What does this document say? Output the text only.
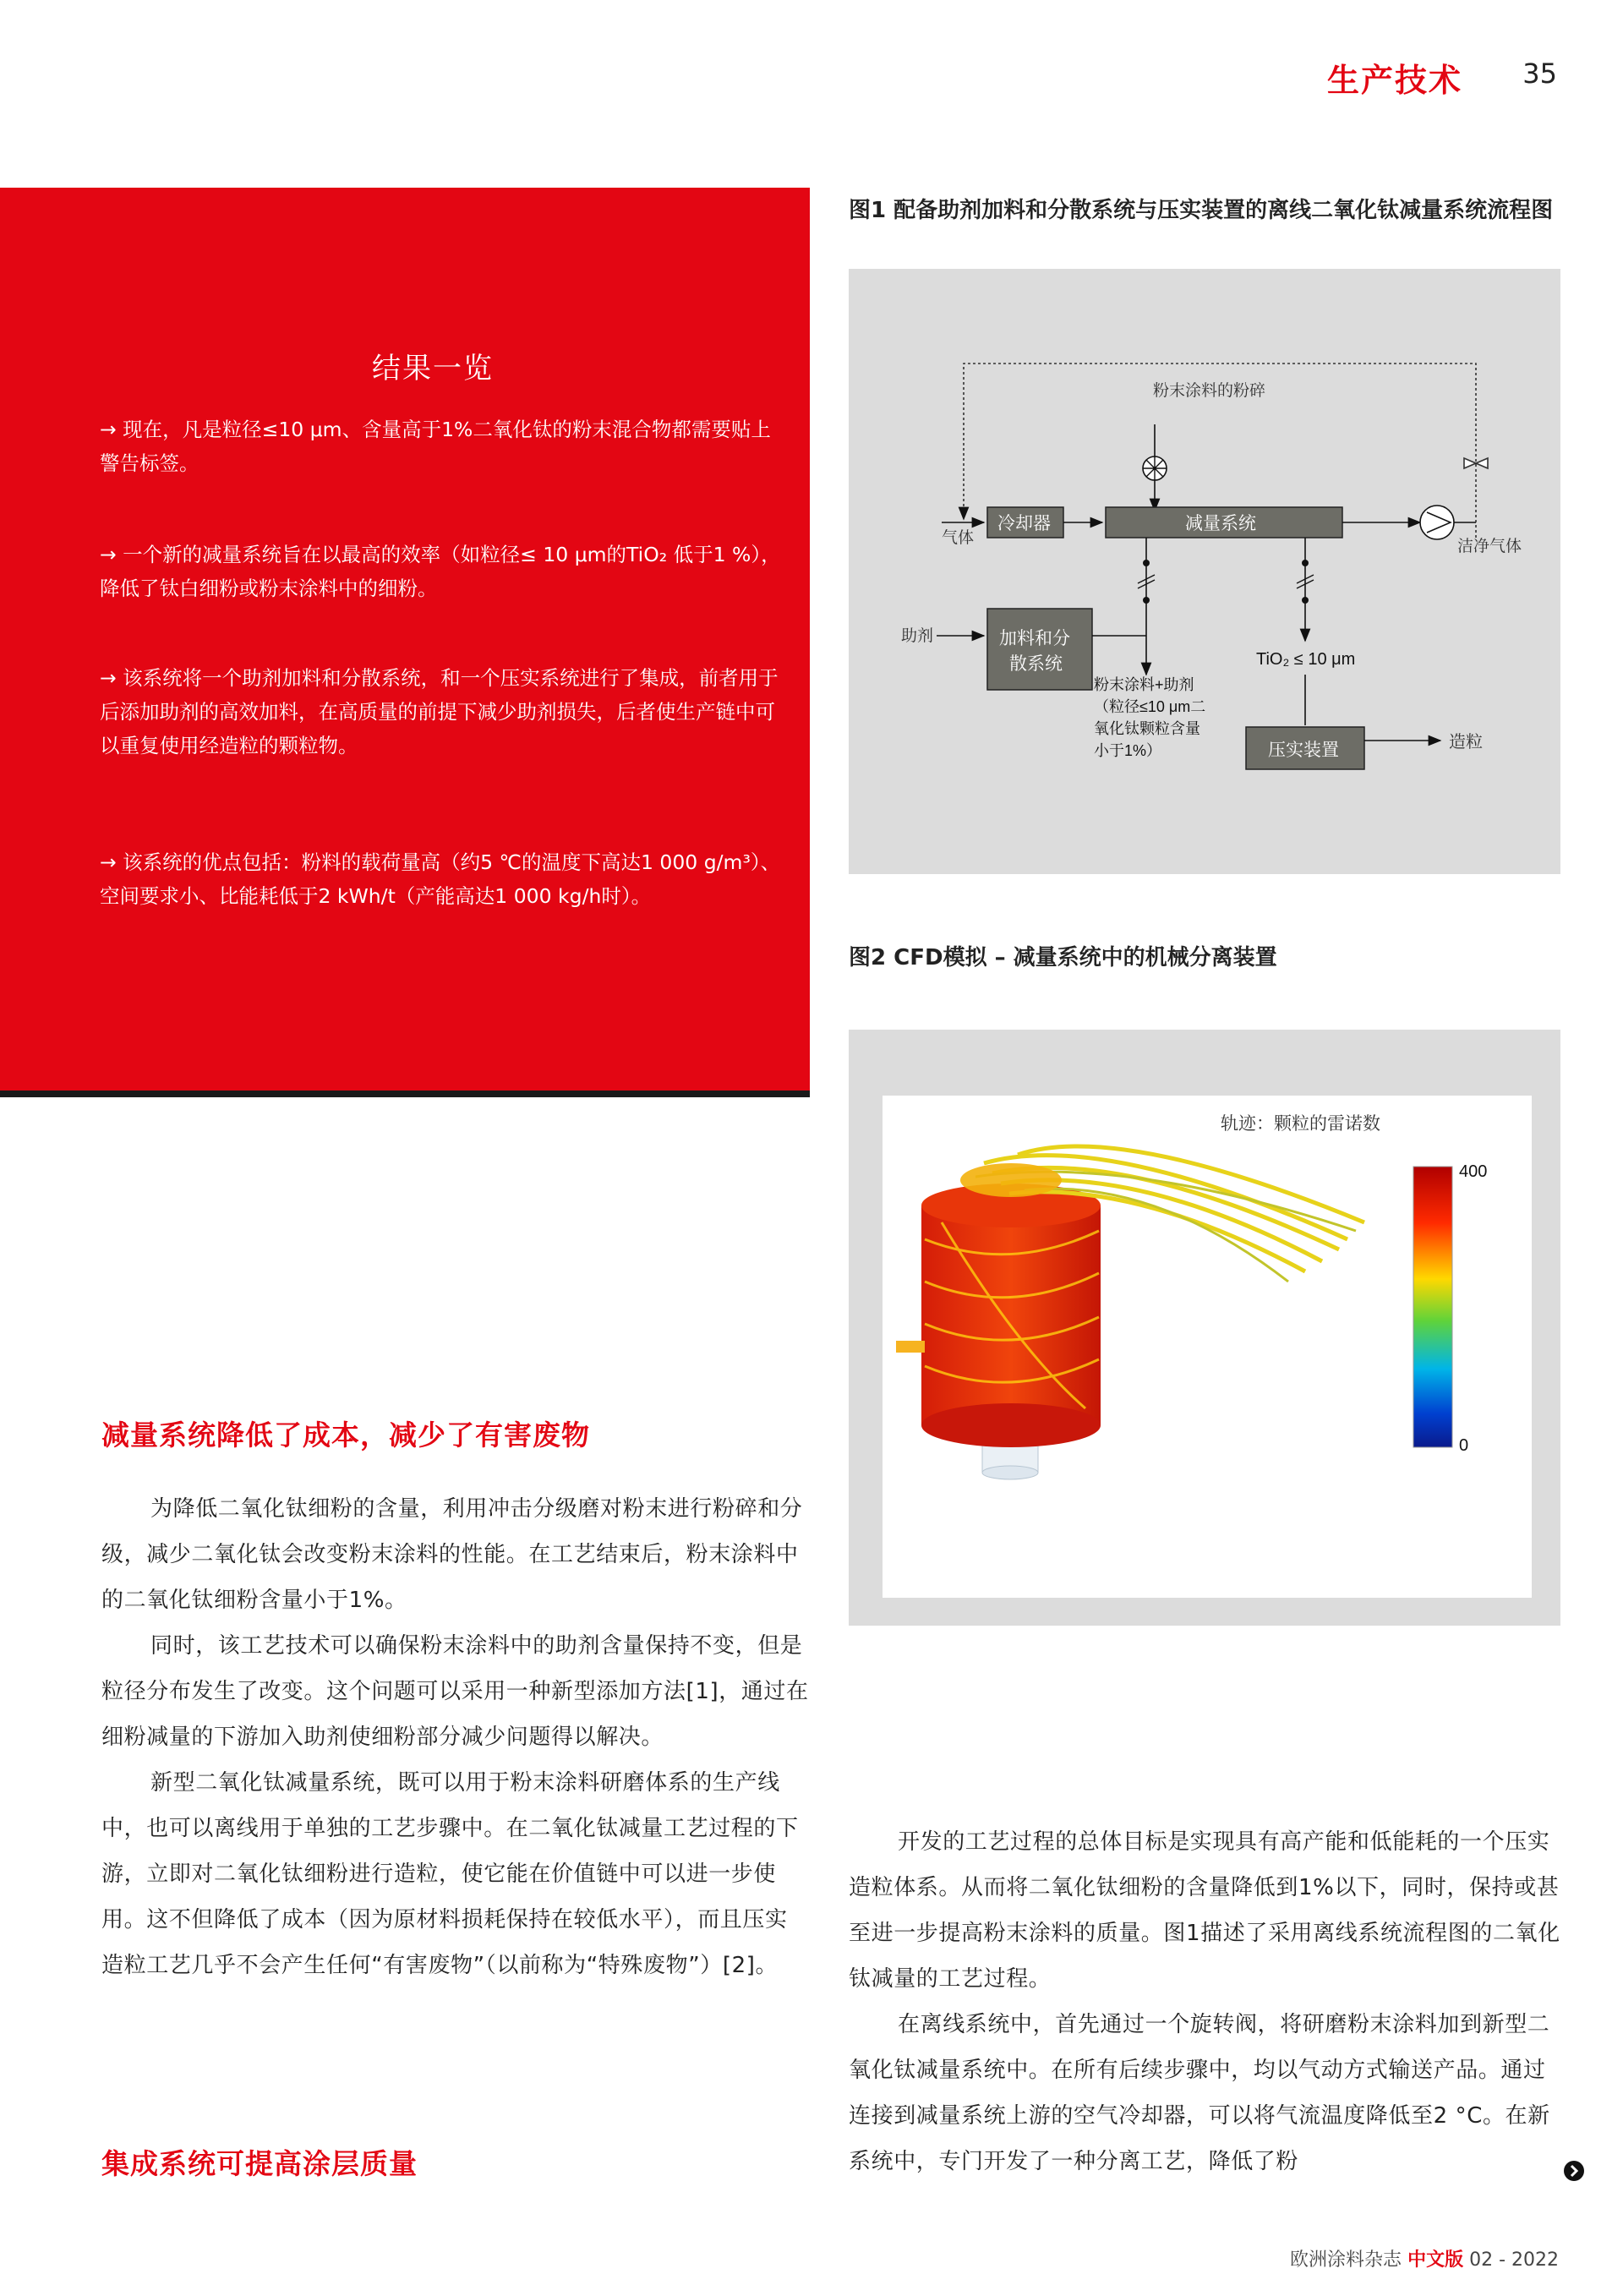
生产技术 35
结果一览
→ 现在，凡是粒径≤10 μm、含量高于1%二氧化钛的粉末混合物都需要贴上警告标签。
→ 一个新的减量系统旨在以最高的效率（如粒径≤ 10 μm的TiO₂ 低于1 %），降低了钛白细粉或粉末涂料中的细粉。
→ 该系统将一个助剂加料和分散系统，和一个压实系统进行了集成，前者用于后添加助剂的高效加料，在高质量的前提下减少助剂损失，后者使生产链中可以重复使用经造粒的颗粒物。
→ 该系统的优点包括：粉料的载荷量高（约5 ℃的温度下高达1 000 g/m³）、空间要求小、比能耗低于2 kWh/t（产能高达1 000 kg/h时）。
减量系统降低了成本，减少了有害废物

为降低二氧化钛细粉的含量，利用冲击分级磨对粉末进行粉碎和分级，减少二氧化钛会改变粉末涂料的性能。在工艺结束后，粉末涂料中的二氧化钛细粉含量小于1%。

同时，该工艺技术可以确保粉末涂料中的助剂含量保持不变，但是粒径分布发生了改变。这个问题可以采用一种新型添加方法[1]，通过在细粉减量的下游加入助剂使细粉部分减少问题得以解决。

新型二氧化钛减量系统，既可以用于粉末涂料研磨体系的生产线中，也可以离线用于单独的工艺步骤中。在二氧化钛减量工艺过程的下游，立即对二氧化钛细粉进行造粒，使它能在价值链中可以进一步使用。这不但降低了成本（因为原材料损耗保持在较低水平），而且压实造粒工艺几乎不会产生任何“有害废物”（以前称为“特殊废物”）[2]。

集成系统可提高涂层质量

开发的工艺过程的总体目标是实现具有高产能和低能耗的一个压实造粒体系。从而将二氧化钛细粉的含量降低到1%以下，同时，保持或甚至进一步提高粉末涂料的质量。图1描述了采用离线系统流程图的二氧化钛减量的工艺过程。

在离线系统中，首先通过一个旋转阀，将研磨粉末涂料加到新型二氧化钛减量系统中。在所有后续步骤中，均以气动方式输送产品。通过连接到减量系统上游的空气冷却器，可以将气流温度降低至2 °C。在新系统中，专门开发了一种分离工艺，降低了粉

图1 配备助剂加料和分散系统与压实装置的离线二氧化钛减量系统流程图
粉末涂料的粉碎
气体
冷却器	减量系统
洁净气体
助剂	加料和分
散系统	TiO₂ ≤ 10 μm
粉末涂料+助剂
（粒径≤10 μm二
氧化钛颗粒含量
小于1%）	压实装置	造粒
图2 CFD模拟 – 减量系统中的机械分离装置
轨迹：颗粒的雷诺数
400
0
欧洲涂料杂志 中文版 02 - 2022
